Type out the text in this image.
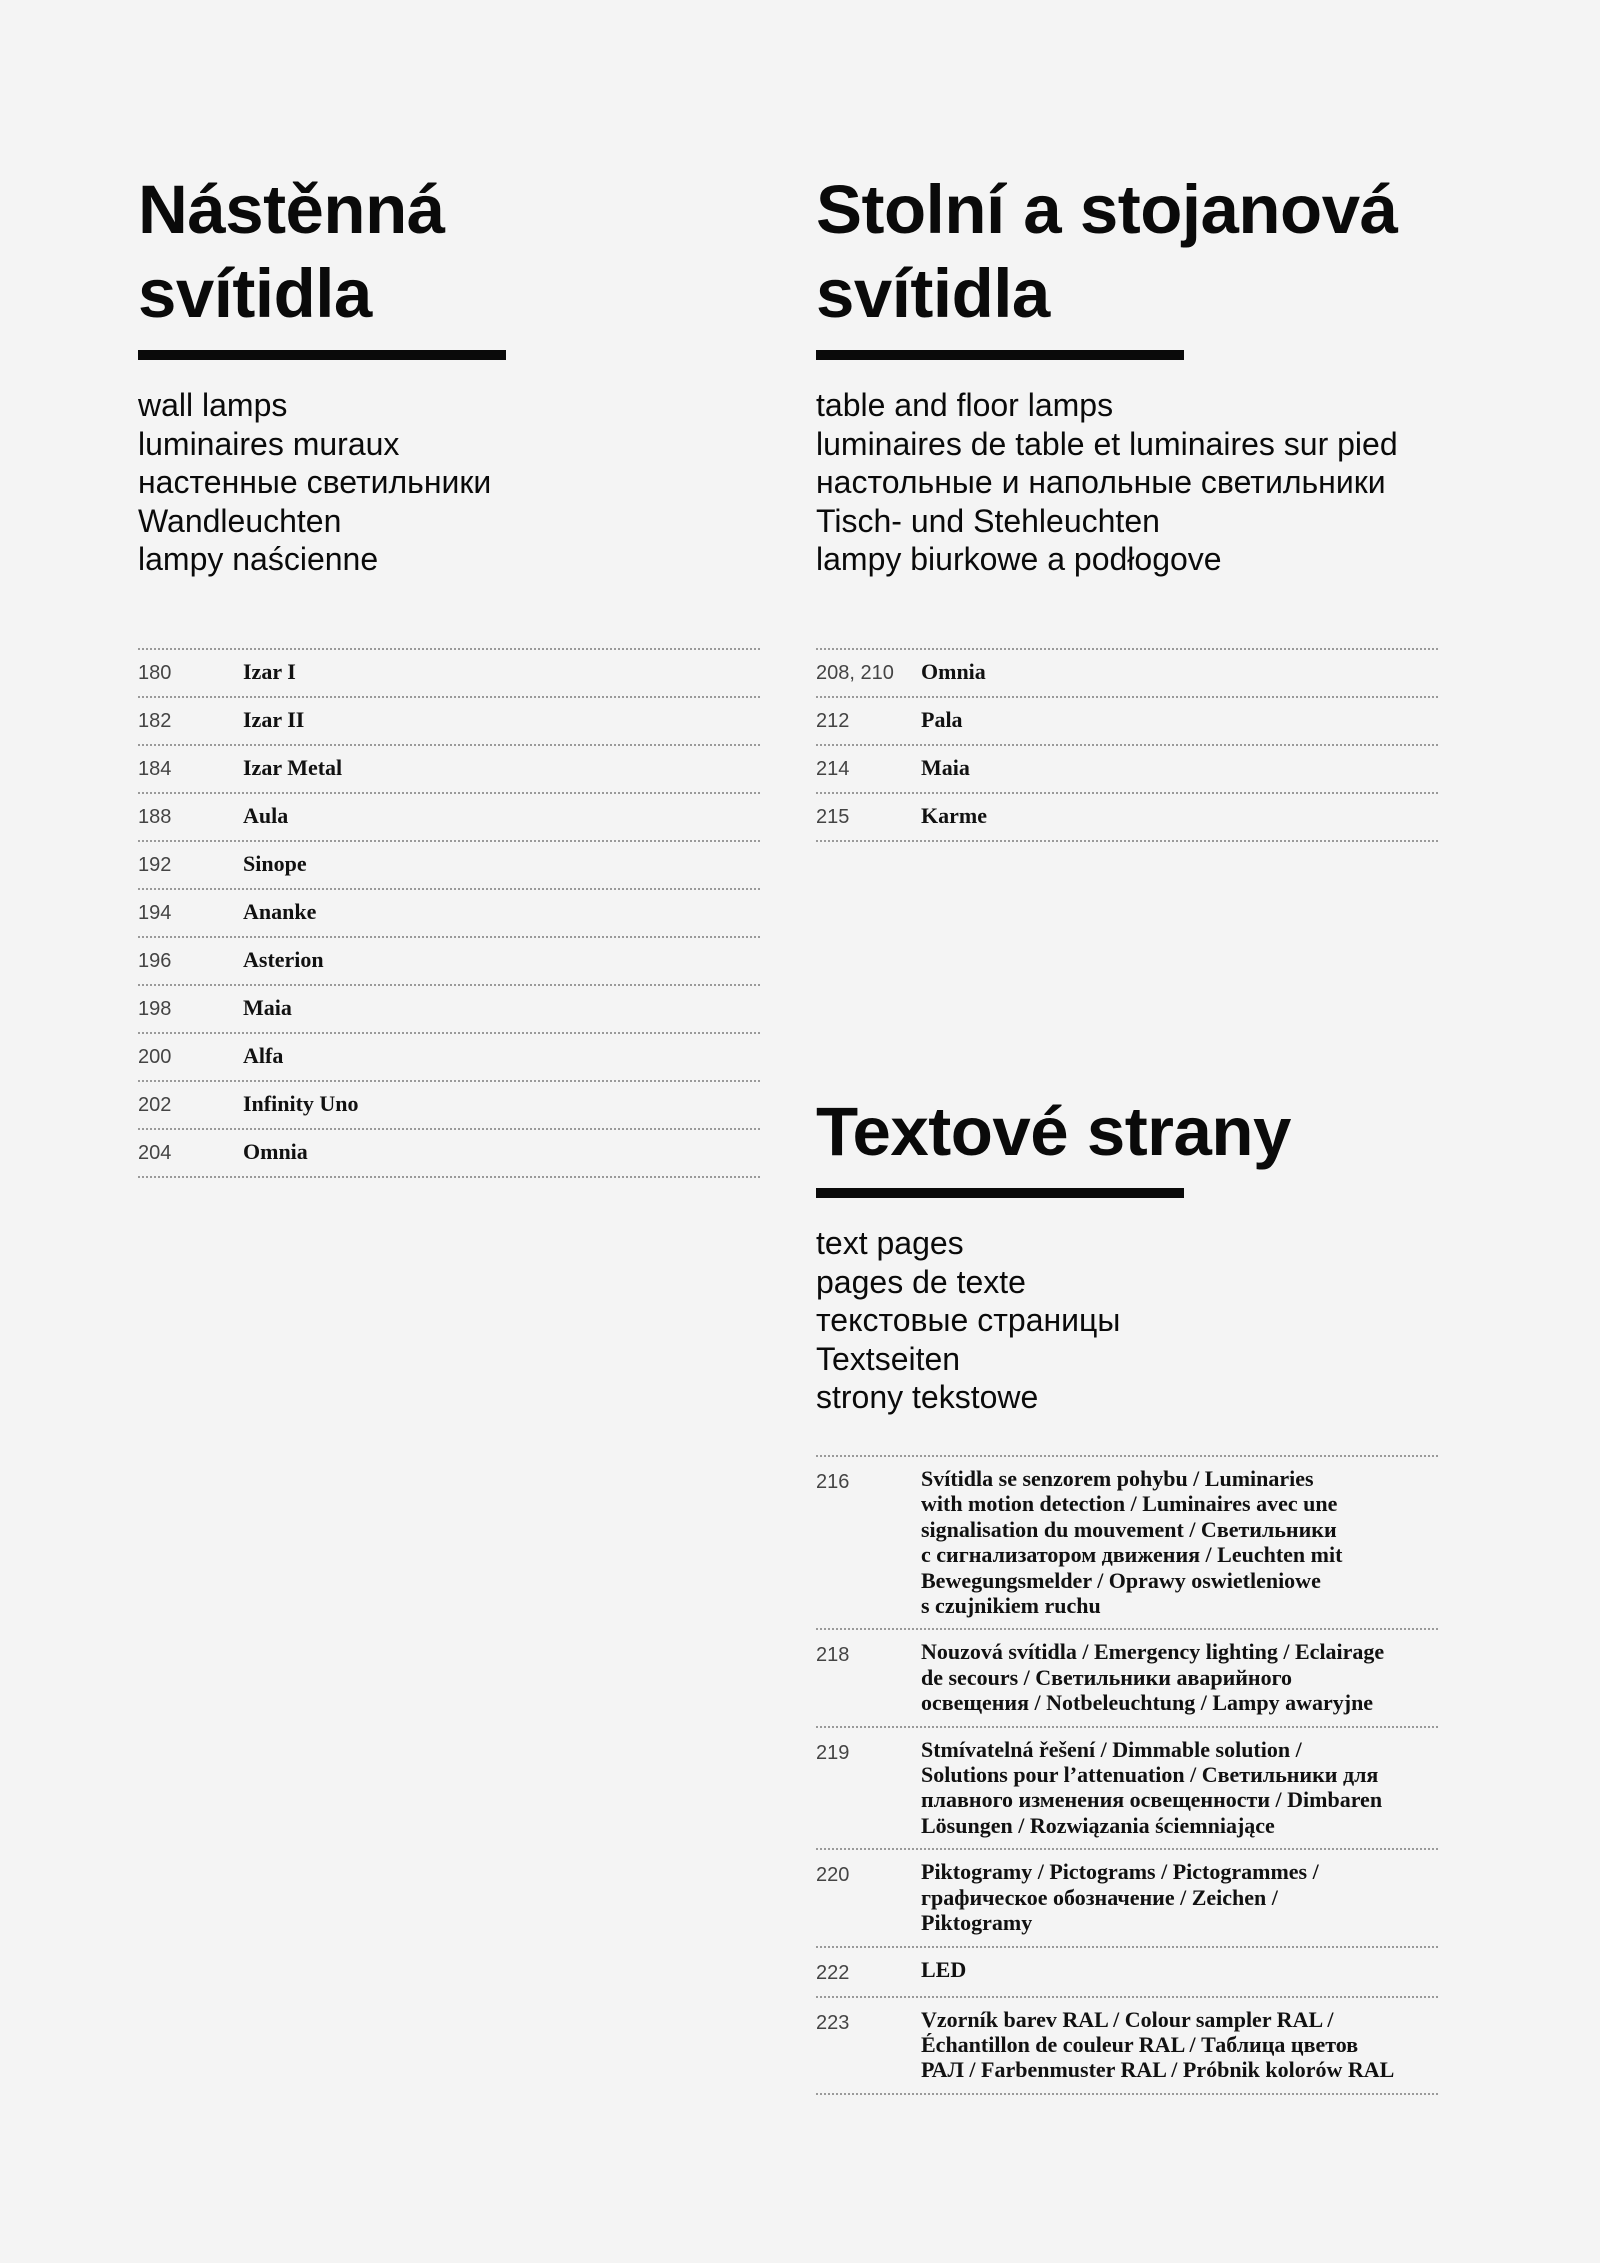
Nástěnná
svítidla
wall lamps
luminaires muraux
настенные светильники
Wandleuchten
lampy naścienne
180	Izar I
182	Izar II
184	Izar Metal
188	Aula
192	Sinope
194	Ananke
196	Asterion
198	Maia
200	Alfa
202	Infinity Uno
204	Omnia
Stolní a stojanová
svítidla
table and floor lamps
luminaires de table et luminaires sur pied
настольные и напольные светильники
Tisch- und Stehleuchten
lampy biurkowe a podłogove
208, 210	Omnia
212	Pala
214	Maia
215	Karme
Textové strany
text pages
pages de texte
текстовые страницы
Textseiten
strony tekstowe
216	Svítidla se senzorem pohybu / Luminaries
with motion detection / Luminaires avec une
signalisation du mouvement / Светильники
с сигнализатором движения / Leuchten mit
Bewegungsmelder / Oprawy oswietleniowe
s czujnikiem ruchu
218	Nouzová svítidla / Emergency lighting / Eclairage
de secours / Светильники аварийного
освещения / Notbeleuchtung / Lampy awaryjne
219	Stmívatelná řešení / Dimmable solution /
Solutions pour l’attenuation / Светильники для
плавного изменения освещенности / Dimbaren
Lösungen / Rozwiązania ściemniające
220	Piktogramy / Pictograms / Pictogrammes /
графическое обозначение / Zeichen /
Piktogramy
222	LED
223	Vzorník barev RAL / Colour sampler RAL /
Échantillon de couleur RAL / Таблица цветов
РАЛ / Farbenmuster RAL / Próbnik kolorów RAL
